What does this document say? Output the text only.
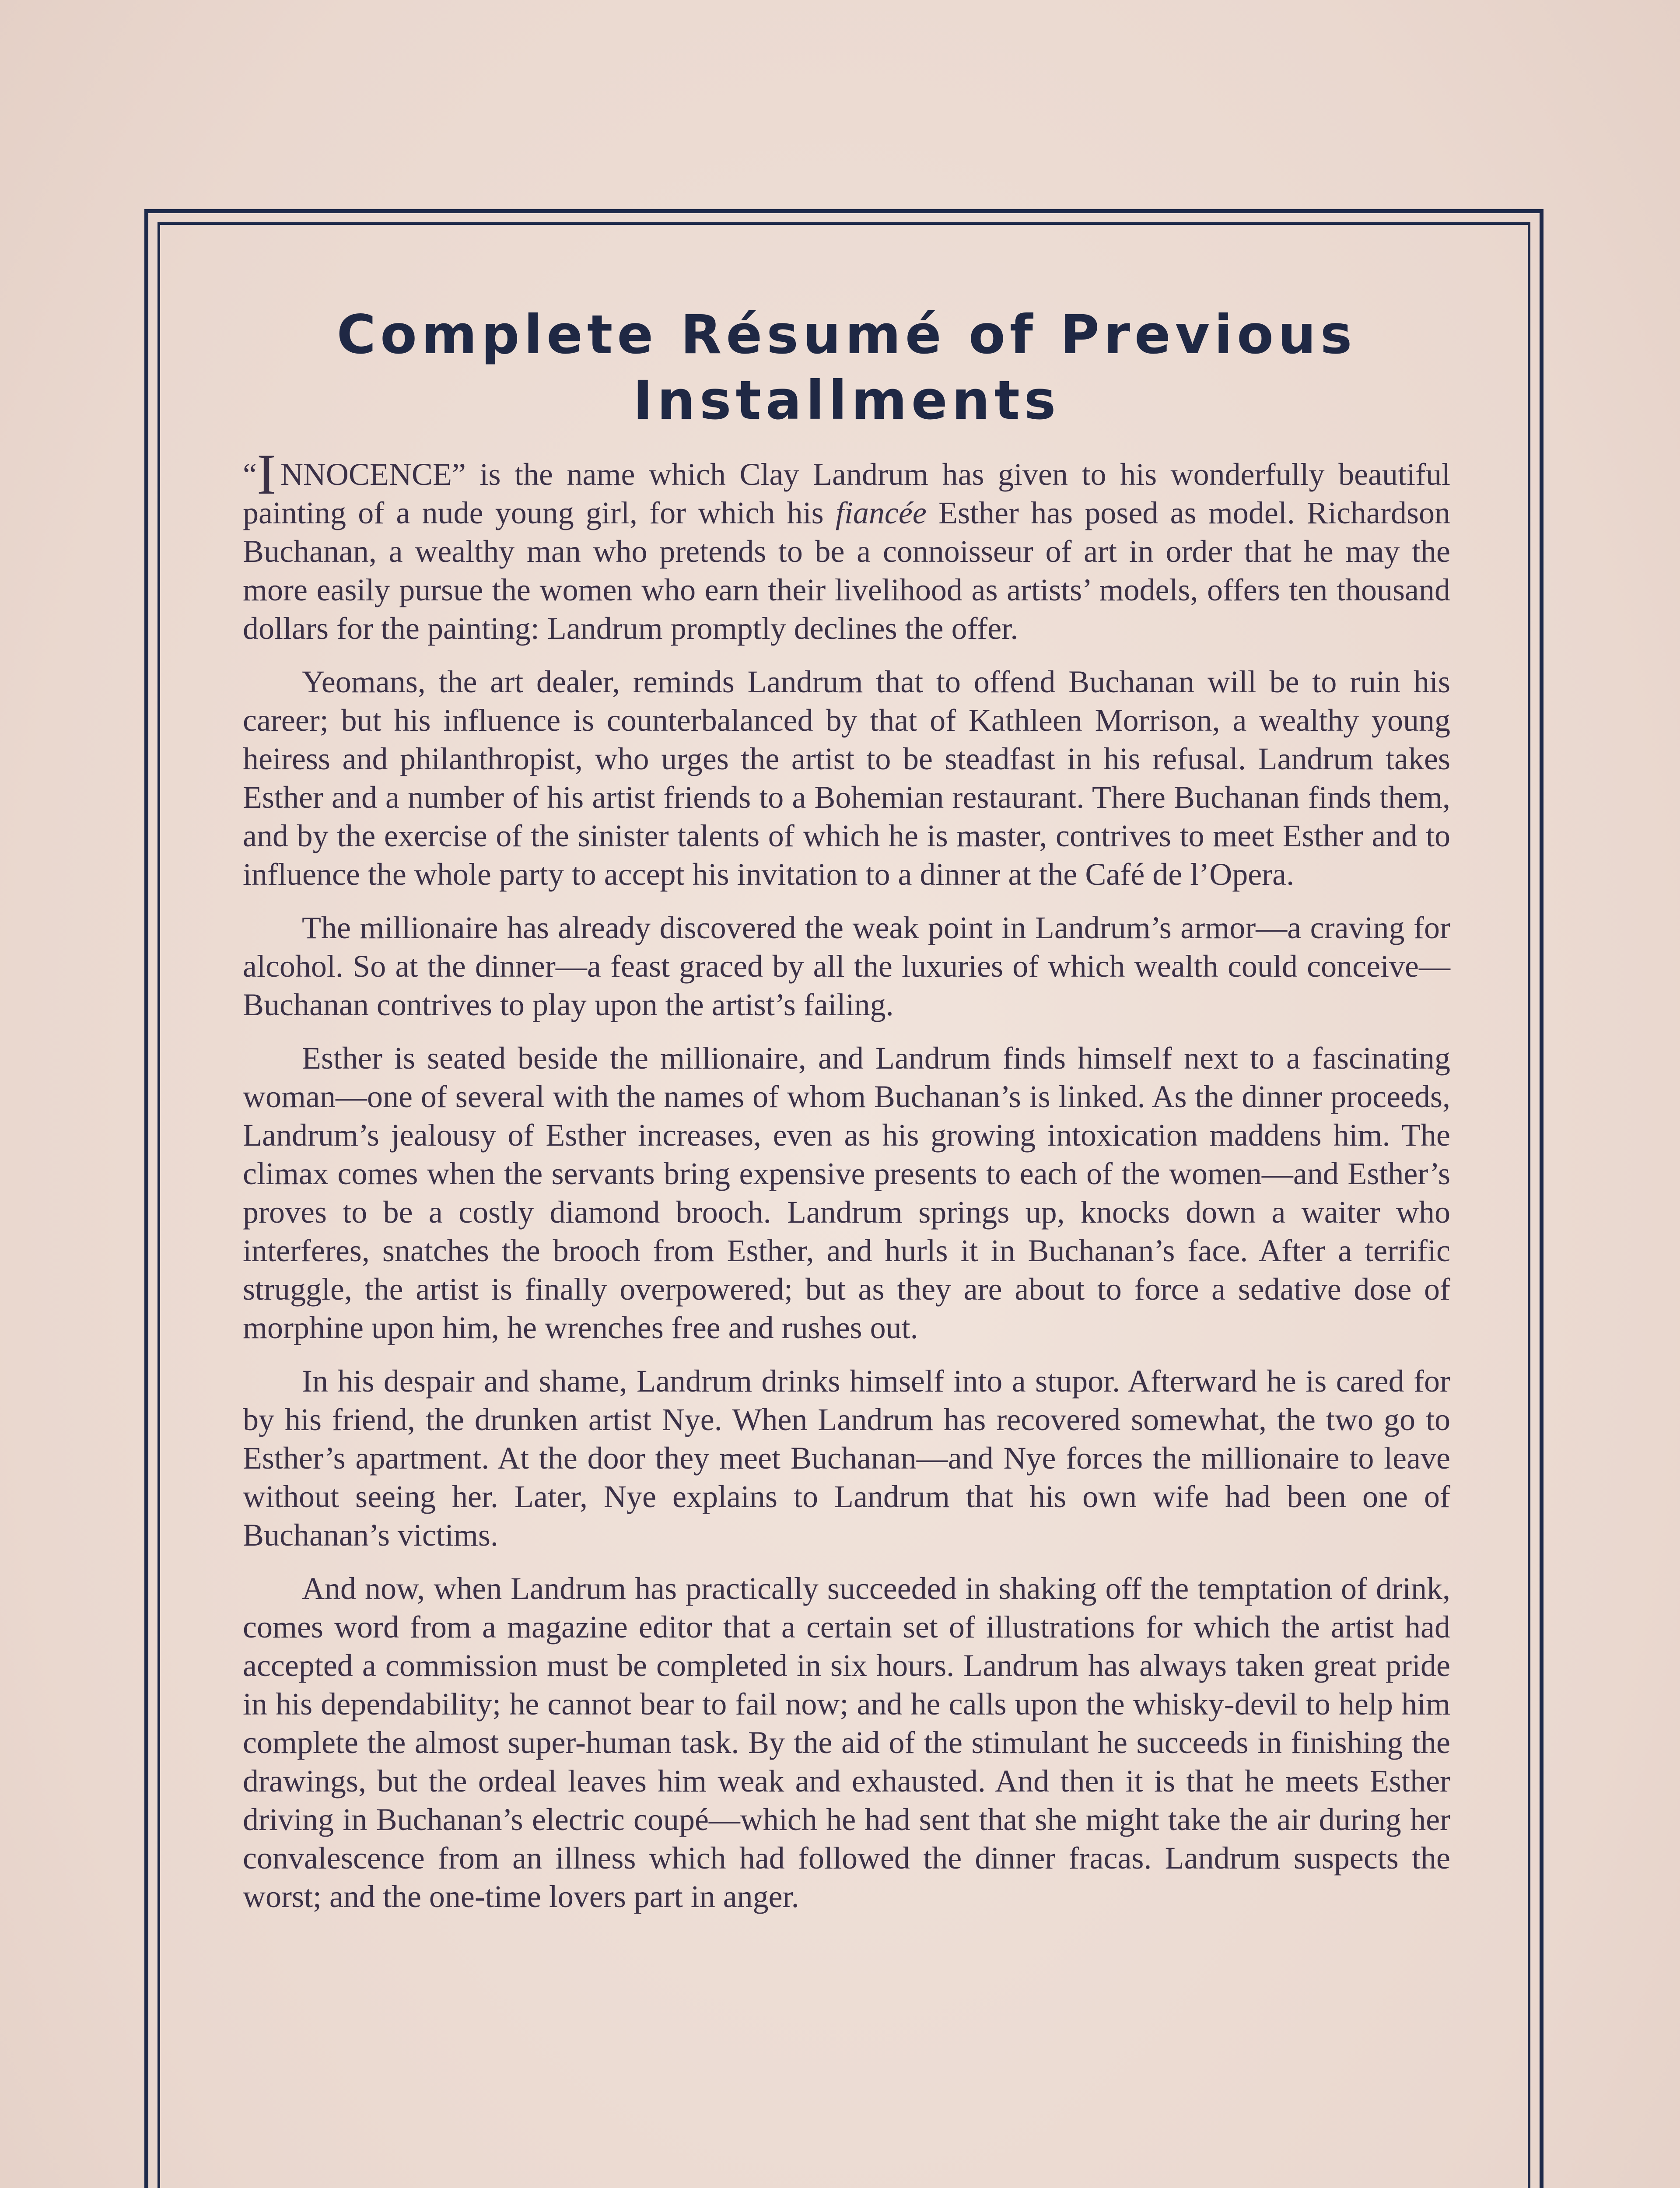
Complete Résumé of Previous
Installments

“I NNOCENCE” is the name which Clay Landrum has given to his wonderfully beautiful painting of a nude young girl, for which his fiancée Esther has posed as model. Richardson Buchanan, a wealthy man who pretends to be a connoisseur of art in order that he may the more easily pursue the women who earn their livelihood as artists’ models, offers ten thousand dollars for the painting: Landrum promptly declines the offer.

Yeomans, the art dealer, reminds Landrum that to offend Buchanan will be to ruin his career; but his influence is counterbalanced by that of Kathleen Morrison, a wealthy young heiress and philanthropist, who urges the artist to be steadfast in his refusal. Landrum takes Esther and a number of his artist friends to a Bohemian restaurant. There Buchanan finds them, and by the exercise of the sinister talents of which he is master, contrives to meet Esther and to influence the whole party to accept his invitation to a dinner at the Café de l’Opera.

The millionaire has already discovered the weak point in Landrum’s armor—a craving for alcohol. So at the dinner—a feast graced by all the luxuries of which wealth could conceive—Buchanan contrives to play upon the artist’s failing.

Esther is seated beside the millionaire, and Landrum finds himself next to a fascinating woman—one of several with the names of whom Buchanan’s is linked. As the dinner proceeds, Landrum’s jealousy of Esther increases, even as his growing intoxication maddens him. The climax comes when the servants bring expensive presents to each of the women—and Esther’s proves to be a costly diamond brooch. Landrum springs up, knocks down a waiter who interferes, snatches the brooch from Esther, and hurls it in Buchanan’s face. After a terrific struggle, the artist is finally overpowered; but as they are about to force a sedative dose of morphine upon him, he wrenches free and rushes out.

In his despair and shame, Landrum drinks himself into a stupor. Afterward he is cared for by his friend, the drunken artist Nye. When Landrum has recovered somewhat, the two go to Esther’s apartment. At the door they meet Buchanan—and Nye forces the millionaire to leave without seeing her. Later, Nye explains to Landrum that his own wife had been one of Buchanan’s victims.

And now, when Landrum has practically succeeded in shaking off the temptation of drink, comes word from a magazine editor that a certain set of illustrations for which the artist had accepted a commission must be completed in six hours. Landrum has always taken great pride in his dependability; he cannot bear to fail now; and he calls upon the whisky-devil to help him complete the almost super-human task. By the aid of the stimulant he succeeds in finishing the drawings, but the ordeal leaves him weak and exhausted. And then it is that he meets Esther driving in Buchanan’s electric coupé—which he had sent that she might take the air during her convalescence from an illness which had followed the dinner fracas. Landrum suspects the worst; and the one-time lovers part in anger.
